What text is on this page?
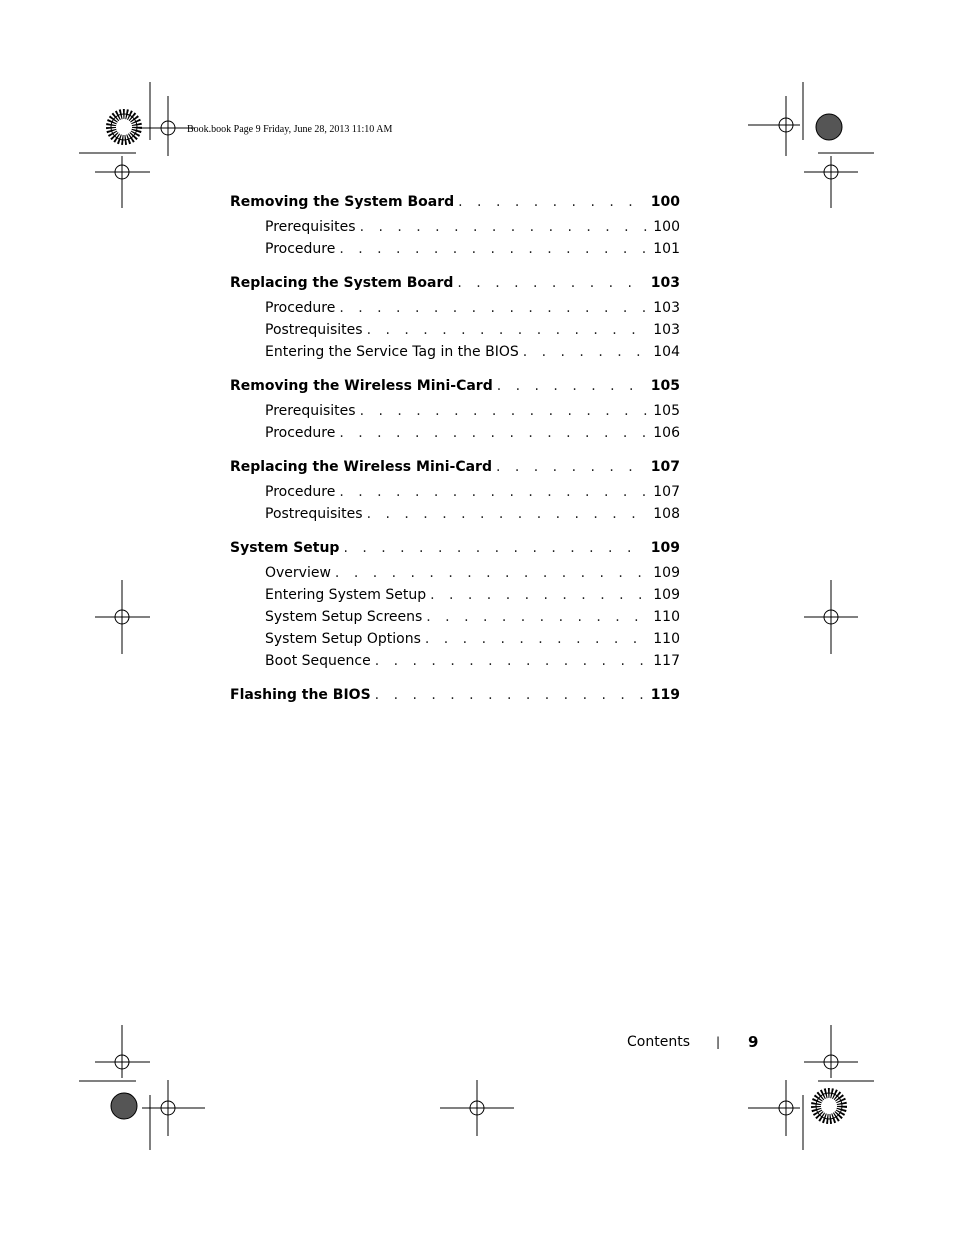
Book.book Page 9 Friday, June 28, 2013 11:10 AM
Removing the System Board . . .	100
Prerequisites . . .	100
Procedure . . .	101
Replacing the System Board . . .	103
Procedure . . .	103
Postrequisites . . .	103
Entering the Service Tag in the BIOS . . .	104
Removing the Wireless Mini-Card . . .	105
Prerequisites . . .	105
Procedure . . .	106
Replacing the Wireless Mini-Card . . .	107
Procedure . . .	107
Postrequisites . . .	108
System Setup . . .	109
Overview . . .	109
Entering System Setup . . .	109
System Setup Screens . . .	110
System Setup Options . . .	110
Boot Sequence . . .	117
Flashing the BIOS . . .	119
Contents | 9
